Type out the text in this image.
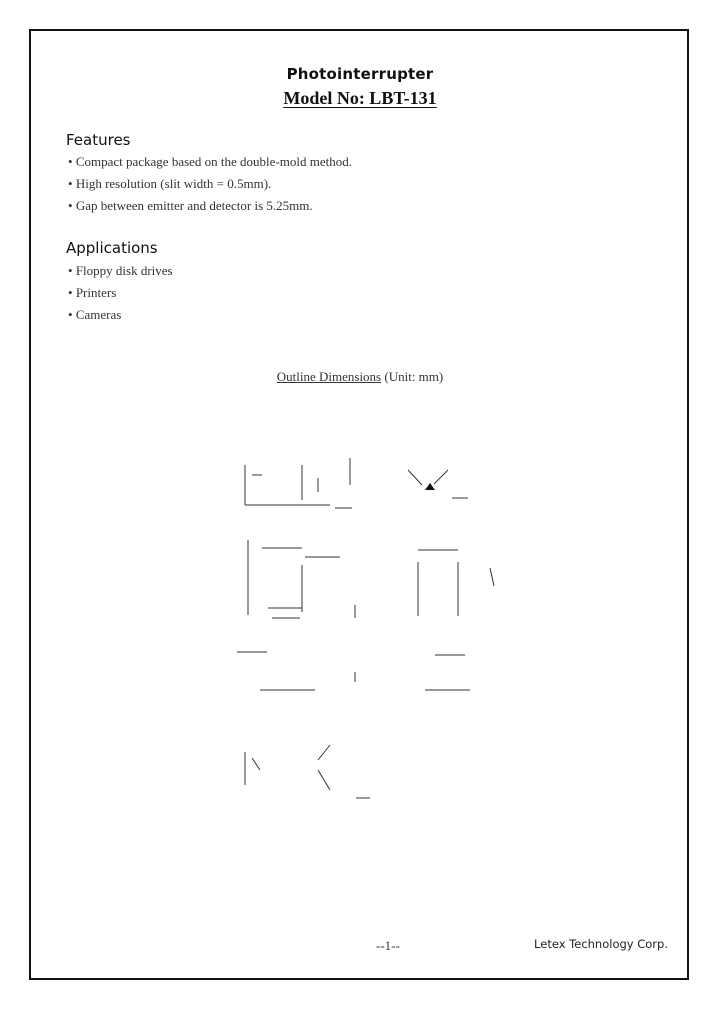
Photointerrupter
Model No: LBT-131
Features
• Compact package based on the double-mold method.
• High resolution (slit width = 0.5mm).
• Gap between emitter and detector is 5.25mm.
Applications
• Floppy disk drives
• Printers
• Cameras
Outline Dimensions (Unit: mm)
--1--	Letex Technology Corp.
